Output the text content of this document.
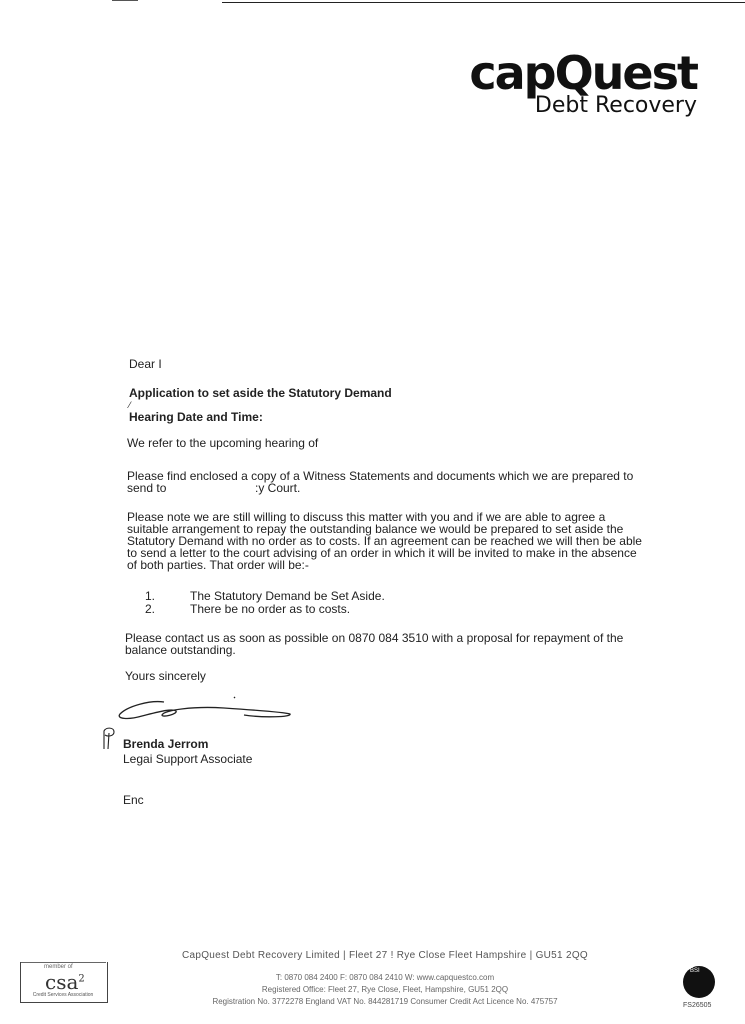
capQuest
Debt Recovery
Dear I
Application to set aside the Statutory Demand
⁄
Hearing Date and Time:
We refer to the upcoming hearing of
Please find enclosed a copy of a Witness Statements and documents which we are prepared to
send to	:y Court.
Please note we are still willing to discuss this matter with you and if we are able to agree a
suitable arrangement to repay the outstanding balance we would be prepared to set aside the
Statutory Demand with no order as to costs. If an agreement can be reached we will then be able
to send a letter to the court advising of an order in which it will be invited to make in the absence
of both parties. That order will be:-
1.	The Statutory Demand be Set Aside.
2.	There be no order as to costs.
Please contact us as soon as possible on 0870 084 3510 with a proposal for repayment of the
balance outstanding.
Yours sincerely
Brenda Jerrom
Legai Support Associate
Enc
CapQuest Debt Recovery Limited | Fleet 27 ! Rye Close Fleet Hampshire | GU51 2QQ
T: 0870 084 2400 F: 0870 084 2410 W: www.capquestco.com
Registered Office: Fleet 27, Rye Close, Fleet, Hampshire, GU51 2QQ
Registration No. 3772278 England VAT No. 844281719 Consumer Credit Act Licence No. 475757
member of
csa$^2$
Credit Services Association
BSI
FS26505
